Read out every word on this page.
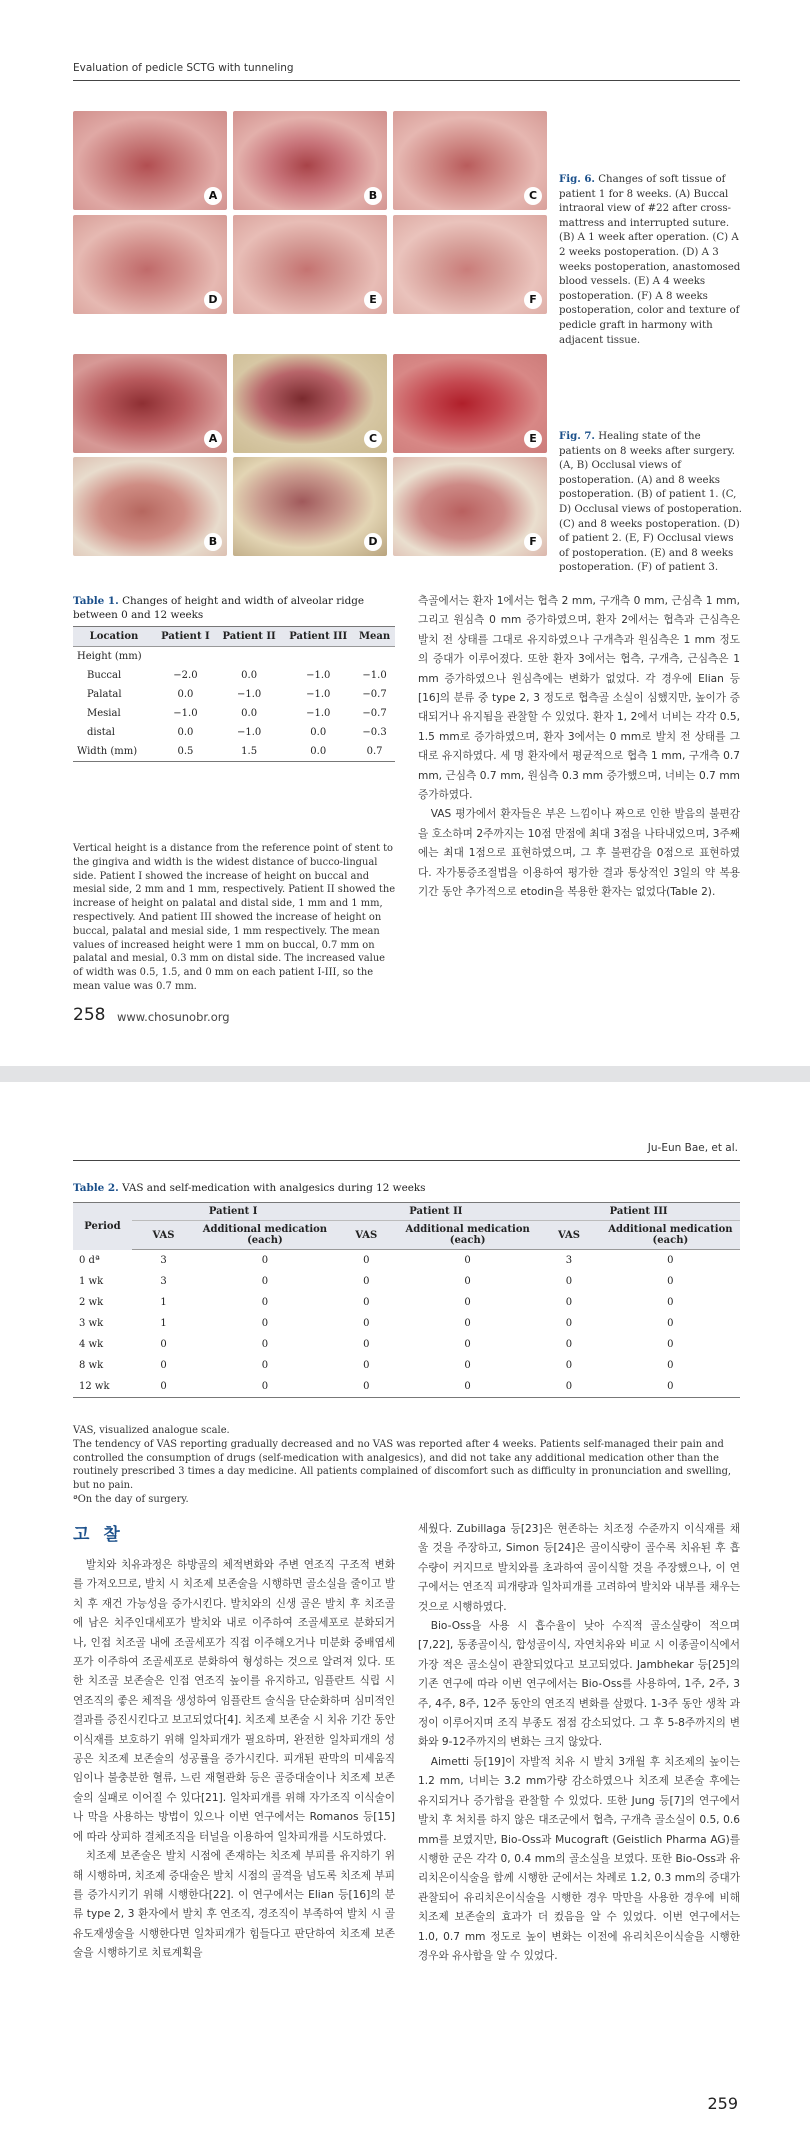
Evaluation of pedicle SCTG with tunneling
A	B	C
D	E	F
Fig. 6. Changes of soft tissue of patient 1 for 8 weeks. (A) Buccal intraoral view of #22 after cross-mattress and interrupted suture. (B) A 1 week after operation. (C) A 2 weeks postoperation. (D) A 3 weeks postoperation, anastomosed blood vessels. (E) A 4 weeks postoperation. (F) A 8 weeks postoperation, color and texture of pedicle graft in harmony with adjacent tissue.
A	C	E
B	D	F
Fig. 7. Healing state of the patients on 8 weeks after surgery. (A, B) Occlusal views of postoperation. (A) and 8 weeks postoperation. (B) of patient 1. (C, D) Occlusal views of postoperation. (C) and 8 weeks postoperation. (D) of patient 2. (E, F) Occlusal views of postoperation. (E) and 8 weeks postoperation. (F) of patient 3.
Table 1. Changes of height and width of alveolar ridge between 0 and 12 weeks
Location	Patient I	Patient II	Patient III	Mean
Height (mm)				
Buccal	−2.0	0.0	−1.0	−1.0
Palatal	0.0	−1.0	−1.0	−0.7
Mesial	−1.0	0.0	−1.0	−0.7
distal	0.0	−1.0	0.0	−0.3
Width (mm)	0.5	1.5	0.0	0.7
Vertical height is a distance from the reference point of stent to the gingiva and width is the widest distance of bucco-lingual side. Patient I showed the increase of height on buccal and mesial side, 2 mm and 1 mm, respectively. Patient II showed the increase of height on palatal and distal side, 1 mm and 1 mm, respectively. And patient III showed the increase of height on buccal, palatal and mesial side, 1 mm respectively. The mean values of increased height were 1 mm on buccal, 0.7 mm on palatal and mesial, 0.3 mm on distal side. The increased value of width was 0.5, 1.5, and 0 mm on each patient I-III, so the mean value was 0.7 mm.

측골에서는 환자 1에서는 협측 2 mm, 구개측 0 mm, 근심측 1 mm, 그리고 원심측 0 mm 증가하였으며, 환자 2에서는 협측과 근심측은 발치 전 상태를 그대로 유지하였으나 구개측과 원심측은 1 mm 정도의 증대가 이루어졌다. 또한 환자 3에서는 협측, 구개측, 근심측은 1 mm 증가하였으나 원심측에는 변화가 없었다. 각 경우에 Elian 등[16]의 분류 중 type 2, 3 정도로 협측골 소실이 심했지만, 높이가 증대되거나 유지됨을 관찰할 수 있었다. 환자 1, 2에서 너비는 각각 0.5, 1.5 mm로 증가하였으며, 환자 3에서는 0 mm로 발치 전 상태를 그대로 유지하였다. 세 명 환자에서 평균적으로 협측 1 mm, 구개측 0.7 mm, 근심측 0.7 mm, 원심측 0.3 mm 증가했으며, 너비는 0.7 mm 증가하였다.

VAS 평가에서 환자들은 부은 느낌이나 짜으로 인한 발음의 불편감을 호소하며 2주까지는 10점 만점에 최대 3점을 나타내었으며, 3주째에는 최대 1점으로 표현하였으며, 그 후 불편감을 0점으로 표현하였다. 자가통증조절법을 이용하여 평가한 결과 통상적인 3일의 약 복용기간 동안 추가적으로 etodin을 복용한 환자는 없었다(Table 2).

258 www.chosunobr.org
Ju-Eun Bae, et al.
Table 2. VAS and self-medication with analgesics during 12 weeks
Period	Patient I		Patient II		Patient III	
	VAS	Additional medication (each)	VAS	Additional medication (each)	VAS	Additional medication (each)
0 dª	3	0	0	0	3	0
1 wk	3	0	0	0	0	0
2 wk	1	0	0	0	0	0
3 wk	1	0	0	0	0	0
4 wk	0	0	0	0	0	0
8 wk	0	0	0	0	0	0
12 wk	0	0	0	0	0	0

VAS, visualized analogue scale.

The tendency of VAS reporting gradually decreased and no VAS was reported after 4 weeks. Patients self-managed their pain and controlled the consumption of drugs (self-medication with analgesics), and did not take any additional medication other than the routinely prescribed 3 times a day medicine. All patients complained of discomfort such as difficulty in pronunciation and swelling, but no pain.

ªOn the day of surgery.

고 찰

발치와 치유과정은 하방골의 체적변화와 주변 연조직 구조적 변화를 가져오므로, 발치 시 치조제 보존술을 시행하면 골소실을 줄이고 발치 후 재건 가능성을 증가시킨다. 발치와의 신생 골은 발치 후 치조골에 남은 치주인대세포가 발치와 내로 이주하여 조골세포로 분화되거나, 인접 치조골 내에 조골세포가 직접 이주해오거나 미분화 중배엽세포가 이주하여 조골세포로 분화하여 형성하는 것으로 알려져 있다. 또한 치조골 보존술은 인접 연조직 높이를 유지하고, 임플란트 식립 시 연조직의 좋은 체적을 생성하여 임플란트 술식을 단순화하며 심미적인 결과를 증진시킨다고 보고되었다[4]. 치조제 보존술 시 치유 기간 동안 이식재를 보호하기 위해 일차피개가 필요하며, 완전한 일차피개의 성공은 치조제 보존술의 성공률을 증가시킨다. 피개된 판막의 미세움직임이나 불충분한 혈류, 느린 재혈관화 등은 골증대술이나 치조제 보존술의 실패로 이어질 수 있다[21]. 일차피개를 위해 자가조직 이식술이나 막을 사용하는 방법이 있으나 이번 연구에서는 Romanos 등[15]에 따라 상피하 결체조직을 터널을 이용하여 일차피개를 시도하였다.

치조제 보존술은 발치 시점에 존재하는 치조제 부피를 유지하기 위해 시행하며, 치조제 증대술은 발치 시점의 골격을 넘도록 치조제 부피를 증가시키기 위해 시행한다[22]. 이 연구에서는 Elian 등[16]의 분류 type 2, 3 환자에서 발치 후 연조직, 경조직이 부족하여 발치 시 골유도재생술을 시행한다면 일차피개가 힘들다고 판단하여 치조제 보존술을 시행하기로 치료계획을

세웠다. Zubillaga 등[23]은 현존하는 치조정 수준까지 이식재를 채울 것을 주장하고, Simon 등[24]은 골이식량이 골수록 치유된 후 흡수량이 커지므로 발치와를 초과하여 골이식할 것을 주장했으나, 이 연구에서는 연조직 피개량과 일차피개를 고려하여 발치와 내부를 채우는 것으로 시행하였다.

Bio-Oss을 사용 시 흡수율이 낮아 수직적 골소실량이 적으며[7,22], 동종골이식, 합성골이식, 자연치유와 비교 시 이종골이식에서 가장 적은 골소실이 관찰되었다고 보고되었다. Jambhekar 등[25]의 기존 연구에 따라 이번 연구에서는 Bio-Oss를 사용하여, 1주, 2주, 3주, 4주, 8주, 12주 동안의 연조직 변화를 살폈다. 1-3주 동안 생착 과정이 이루어지며 조직 부종도 점점 감소되었다. 그 후 5-8주까지의 변화와 9-12주까지의 변화는 크지 않았다.

Aimetti 등[19]이 자발적 치유 시 발치 3개월 후 치조제의 높이는 1.2 mm, 너비는 3.2 mm가량 감소하였으나 치조제 보존술 후에는 유지되거나 증가함을 관찰할 수 있었다. 또한 Jung 등[7]의 연구에서 발치 후 처치를 하지 않은 대조군에서 협측, 구개측 골소실이 0.5, 0.6 mm를 보였지만, Bio-Oss과 Mucograft (Geistlich Pharma AG)를 시행한 군은 각각 0, 0.4 mm의 골소실을 보였다. 또한 Bio-Oss과 유리치은이식술을 함께 시행한 군에서는 차례로 1.2, 0.3 mm의 증대가 관찰되어 유리치은이식술을 시행한 경우 막만을 사용한 경우에 비해 치조제 보존술의 효과가 더 컸음을 알 수 있었다. 이번 연구에서는 1.0, 0.7 mm 정도로 높이 변화는 이전에 유리치은이식술을 시행한 경우와 유사함을 알 수 있었다.

259
